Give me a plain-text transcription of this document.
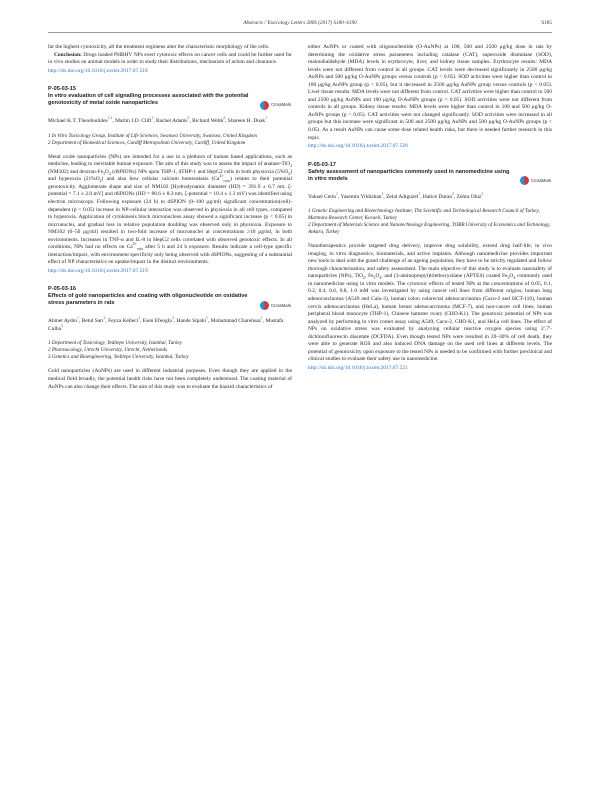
Abstracts / Toxicology Letters 280S (2017) S180–S190	S185

far the highest cytotoxicity, all the treatment regimens alter the characteristic morphology of the cells.

Conclusion: Drugs loaded PHBHV NPs exert cytotoxic effects on cancer cells and could be further used for in vivo studies on animal models in order to study their distributions, mechanism of action and clearance.

http://dx.doi.org/10.1016/j.toxlet.2017.07.518
P-05-03-15
In vitro evaluation of cell signalling processes associated with the potential genotoxicity of metal oxide nanoparticles	CrossMark
Michael K.T. Theodoulides$^{1,2}$, Martin J.D. Clift$^1$, Rachel Adams$^2$, Richard Webb$^2$, Shareen H. Doak$^1$
1 In Vitro Toxicology Group, Institute of Life Sciences, Swansea University, Swansea, United Kingdom
2 Department of Biomedical Sciences, Cardiff Metropolitan University, Cardiff, United Kingdom

Metal oxide nanoparticles (NPs) are intended for a use in a plethora of human based applications, such as medicine, leading to inevitable human exposure. The aim of this study was to assess the impact of anatase-TiO$_2$ (NM102) and dextran-$Fe_3O_4$ (dSPIONs) NPs upon THP-1, dTHP-1 and HepG2 cells in both physioxia $(5\%O_2)$ and hyperoxia $(21\%O_2)$ and also how cellular calcium homeostasis $(Ca^{2+}_{cyto})$ relates to their potential genotoxicity. Agglomerate shape and size of NM102 [Hydrodynamic diameter (HD) = 391.9 ± 6.7 nm, ζ-potential = 7.1 ± 2.0 mV] and dSPIONs (HD = 88.6 ± 8.3 nm, ζ-potential = 10.4 ± 1.3 mV) was identified using electron microscopy. Following exposure (24 h) to dSPION (0–100 μg/ml) significant concentration(cell)-dependent (p < 0.05) increase in NP-cellular interaction was observed in physioxia in all cell types, compared to hyperoxia. Application of cytokinesis block micronucleus assay showed a significant increase (p < 0.05) in micronuclei, and gradual loss in relative population doubling was observed only in physioxia. Exposure to NM102 (0–50 μg/ml) resulted in two-fold increase of micronuclei at concentrations ≥10 μg/ml, in both environments. Increases in TNF-α and IL-8 in HepG2 cells correlated with observed genotoxic effects. In all conditions, NPs had no effects on $Ca^{2+}_{cyto}$ after 5 h and 24 h exposure. Results indicate a cell-type specific interaction/impact, with environment specificity only being observed with dSPIONs, suggesting of a substantial effect of NP characteristics on uptake/impact in the distinct environments.

http://dx.doi.org/10.1016/j.toxlet.2017.07.519
P-05-03-16
Effects of gold nanoparticles and coating with oligonucleotide on oxidative stress parameters in rats	CrossMark
Ahmet Aydın$^1$, Betul Sarı$^2$, Feyza Kelleci$^1$, Esen Efeoglu$^3$, Hande Sipahi$^1$, Mohammad Charehsaz$^1$, Mustafa Culha$^3$
1 Department of Toxicology, Yeditepe University, Istanbul, Turkey
2 Pharmacology, Utrecht University, Utrecht, Netherlands
3 Genetics and Bioengineering, Yeditepe University, Istanbul, Turkey

Gold nanoparticles (AuNPs) are used in different industrial purposes. Even though they are applied in the medical field broadly, the potential health risks have not been completely understood. The coating material of AuNPs can also change their effects. The aim of this study was to evaluate the hazard characteristics of

either AuNPs or coated with oligonucleotide (O-AuNPs) at 100, 500 and 2500 μg/kg dose in rats by determining the oxidative stress parameters including catalase (CAT), superoxide dismutase (SOD), malondialdehyde (MDA) levels in erythrocyte, liver, and kidney tissue samples. Erythrocyte results: MDA levels were not different from control in all groups. CAT levels were decreased significantly in 2500 μg/kg AuNPs and 500 μg/kg O-AuNPs groups versus controls (p < 0.05). SOD activities were higher than control in 100 μg/kg AuNPs group (p < 0.05), but it decreased in 2500 μg/kg AuNPs group versus controls (p < 0.05). Liver tissue results: MDA levels were not different from control. CAT activities were higher than control in 500 and 2500 μg/kg AuNPs and 100 μg/kg O-AuNPs groups (p < 0.05). SOD activities were not different from controls in all groups. Kidney tissue results: MDA levels were higher than control in 100 and 500 μg/kg O-AuNPs groups (p < 0.05). CAT activities were not changed significantly. SOD activities were increased in all groups but this increase were significant in 500 and 2500 μg/kg AuNPs and 500 μg/kg O-AuNPs groups (p < 0.05). As a result AuNPs can cause some dose related health risks, but there is needed further research in this topic.

http://dx.doi.org/10.1016/j.toxlet.2017.07.520
P-05-03-17
Safety assessment of nanoparticles commonly used in nanomedicine using in vitro models	CrossMark
Yuksel Cetin$^1$, Yasemin Yildizhan$^1$, Zelal Adiguzel$^1$, Hatice Duran$^2$, Zehra Oluz$^2$
1 Genetic Engineering and Biotechnology Institute, The Scientific and Technological Research Council of Turkey, Marmara Research Center, Kocaeli, Turkey
2 Department of Materials Science and Nanotechnology Engineering, TOBB University of Economics and Technology, Ankara, Turkey

Nanotherapeutics provide targeted drug delivery, improve drug solubility, extend drug half-life, in vivo imaging, in vitro diagnostics, biomaterials, and active implants. Although nanomedicine provides important new tools to deal with the grand challenge of an ageing population, they have to be strictly regulated and follow thorough characterization, and safety assessment. The main objective of this study is to evaluate nanosafety of nanoparticles (NPs), TiO$_2$, $Fe_3O_4$, and (3-aminopropyl)triethoxysilane (APTES) coated $Fe_3O_4$ commonly used in nanomedicine using in vitro models. The cytotoxic effects of tested NPs at the concentrations of 0.05, 0.1, 0.2, 0.4, 0.6, 0.8, 1.0 mM was investigated by using cancer cell lines from different origins; human lung adenocarcinoma (A549 and Calu-3), human colon colorectal adenocarcinoma (Caco-2 and HCT-116), human cervix adenocarcinoma (HeLa), human breast adenocarcinoma (MCF-7), and non-cancer cell lines; human peripheral blood monocyte (THP-1), Chinese hamster ovary (CHO-K1). The genotoxic potential of NPs was analyzed by performing in vitro comet assay using A549, Caco-2, CHO-K1, and HeLa cell lines. The effect of NPs on oxidative stress was evaluated by analyzing cellular reactive oxygen species using 2′,7′-dichlorofluorescin diacetate (DCFDA). Even though tested NPs were resulted in 20–30% of cell death, they were able to generate ROS and also induced DNA damage on the used cell lines at different levels. The potential of genotoxicity upon exposure to the tested NPs is needed to be confirmed with further preclinical and clinical studies to evaluate their safety use in nanomedicine.

http://dx.doi.org/10.1016/j.toxlet.2017.07.521
